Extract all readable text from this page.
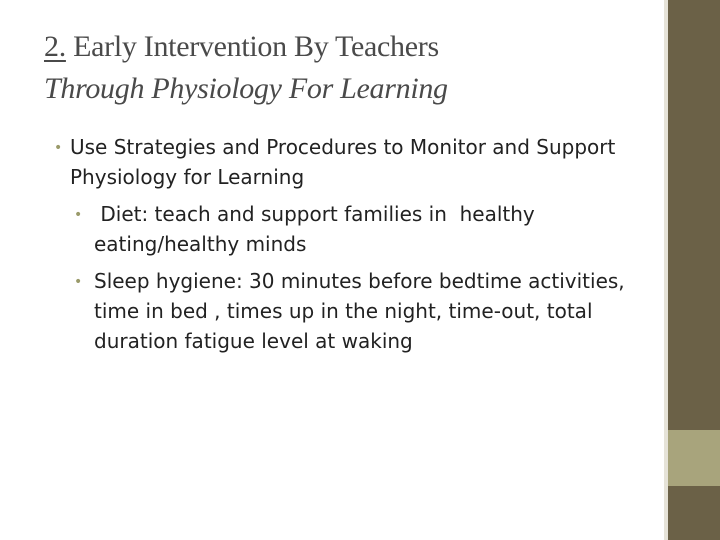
2. Early Intervention By Teachers
Through Physiology For Learning
• Use Strategies and Procedures to Monitor and Support Physiology for Learning
• Diet: teach and support families in  healthy eating/healthy minds
• Sleep hygiene: 30 minutes before bedtime activities, time in bed , times up in the night, time-out, total duration fatigue level at waking
